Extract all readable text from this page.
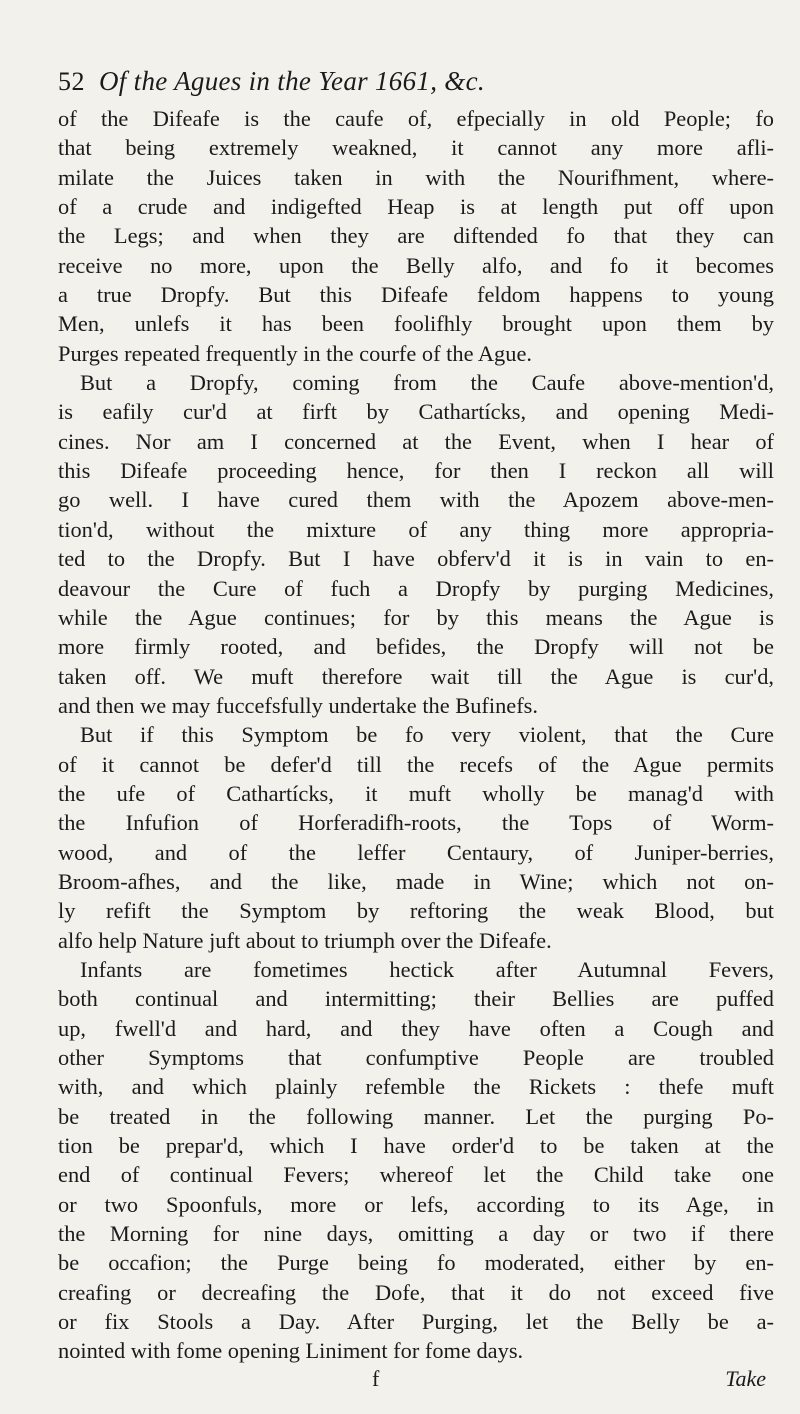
52 Of the Agues in the Year 1661, &c.
of the Difeafe is the caufe of, efpecially in old People; fo
that being extremely weakned, it cannot any more afli-
milate the Juices taken in with the Nourifhment, where-
of a crude and indigefted Heap is at length put off upon
the Legs; and when they are diftended fo that they can
receive no more, upon the Belly alfo, and fo it becomes
a true Dropfy. But this Difeafe feldom happens to young
Men, unlefs it has been foolifhly brought upon them by
Purges repeated frequently in the courfe of the Ague.
But a Dropfy, coming from the Caufe above-mention'd,
is eafily cur'd at firft by Cathartícks, and opening Medi-
cines. Nor am I concerned at the Event, when I hear of
this Difeafe proceeding hence, for then I reckon all will
go well. I have cured them with the Apozem above-men-
tion'd, without the mixture of any thing more appropria-
ted to the Dropfy. But I have obferv'd it is in vain to en-
deavour the Cure of fuch a Dropfy by purging Medicines,
while the Ague continues; for by this means the Ague is
more firmly rooted, and befides, the Dropfy will not be
taken off. We muft therefore wait till the Ague is cur'd,
and then we may fuccefsfully undertake the Bufinefs.
But if this Symptom be fo very violent, that the Cure
of it cannot be defer'd till the recefs of the Ague permits
the ufe of Cathartícks, it muft wholly be manag'd with
the Infufion of Horferadifh-roots, the Tops of Worm-
wood, and of the leffer Centaury, of Juniper-berries,
Broom-afhes, and the like, made in Wine; which not on-
ly refift the Symptom by reftoring the weak Blood, but
alfo help Nature juft about to triumph over the Difeafe.
Infants are fometimes hectick after Autumnal Fevers,
both continual and intermitting; their Bellies are puffed
up, fwell'd and hard, and they have often a Cough and
other Symptoms that confumptive People are troubled
with, and which plainly refemble the Rickets : thefe muft
be treated in the following manner. Let the purging Po-
tion be prepar'd, which I have order'd to be taken at the
end of continual Fevers; whereof let the Child take one
or two Spoonfuls, more or lefs, according to its Age, in
the Morning for nine days, omitting a day or two if there
be occafion; the Purge being fo moderated, either by en-
creafing or decreafing the Dofe, that it do not exceed five
or fix Stools a Day. After Purging, let the Belly be a-
nointed with fome opening Liniment for fome days.
f	Take
